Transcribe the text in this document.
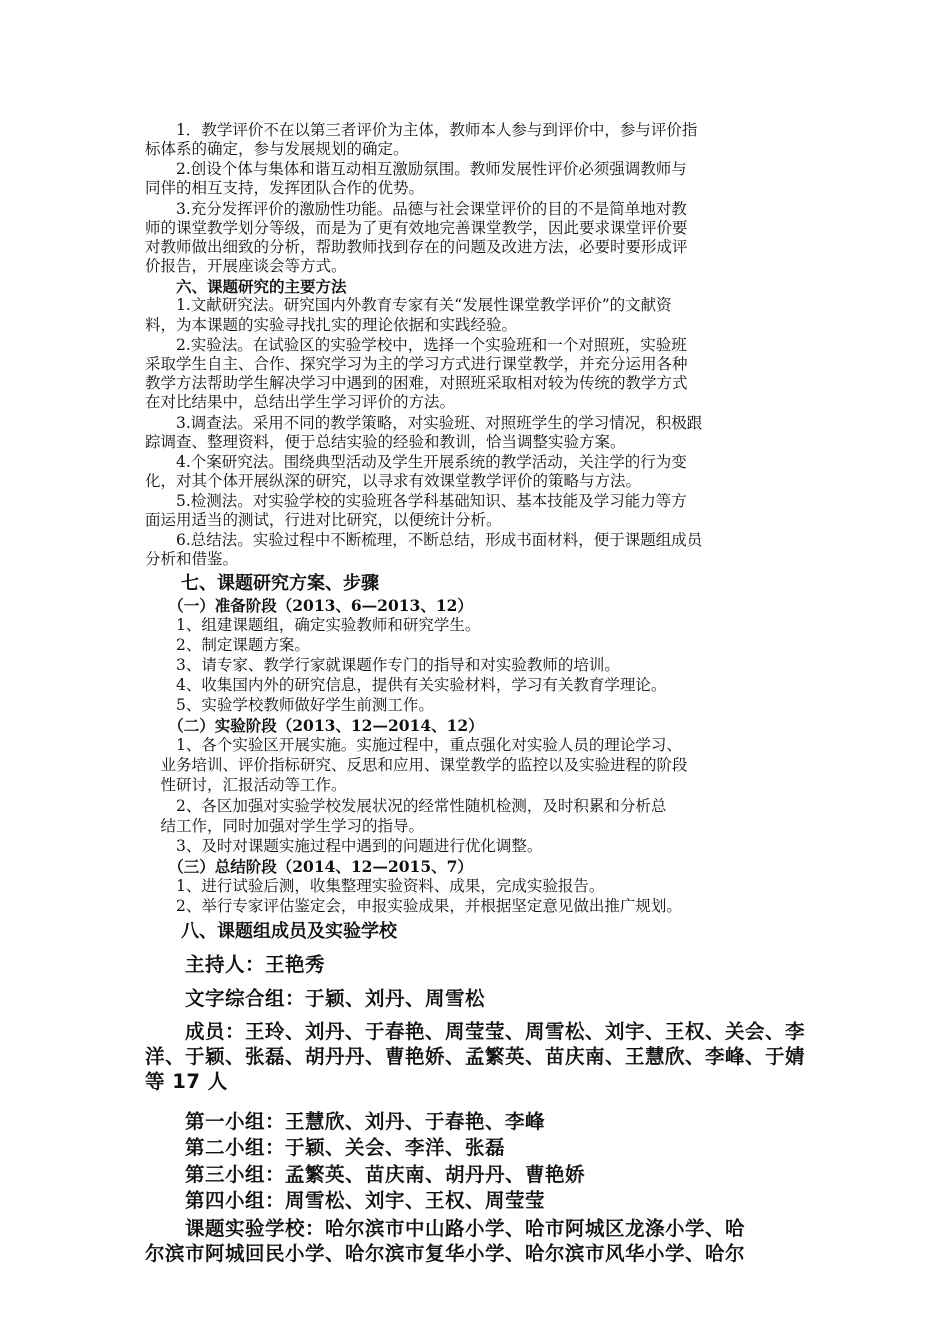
　　1．教学评价不在以第三者评价为主体，教师本人参与到评价中，参与评价指
标体系的确定，参与发展规划的确定。
　　2.创设个体与集体和谐互动相互激励氛围。教师发展性评价必须强调教师与
同伴的相互支持，发挥团队合作的优势。
　　3.充分发挥评价的激励性功能。品德与社会课堂评价的目的不是简单地对教
师的课堂教学划分等级，而是为了更有效地完善课堂教学，因此要求课堂评价要
对教师做出细致的分析，帮助教师找到存在的问题及改进方法，必要时要形成评
价报告，开展座谈会等方式。
　　六、课题研究的主要方法
　　1.文献研究法。研究国内外教育专家有关“发展性课堂教学评价”的文献资
料，为本课题的实验寻找扎实的理论依据和实践经验。
　　2.实验法。在试验区的实验学校中，选择一个实验班和一个对照班，实验班
采取学生自主、合作、探究学习为主的学习方式进行课堂教学，并充分运用各种
教学方法帮助学生解决学习中遇到的困难，对照班采取相对较为传统的教学方式
在对比结果中，总结出学生学习评价的方法。
　　3.调查法。采用不同的教学策略，对实验班、对照班学生的学习情况，积极跟
踪调查、整理资料，便于总结实验的经验和教训，恰当调整实验方案。
　　4.个案研究法。围绕典型活动及学生开展系统的教学活动，关注学的行为变
化，对其个体开展纵深的研究，以寻求有效课堂教学评价的策略与方法。
　　5.检测法。对实验学校的实验班各学科基础知识、基本技能及学习能力等方
面运用适当的测试，行进对比研究，以便统计分析。
　　6.总结法。实验过程中不断梳理，不断总结，形成书面材料，便于课题组成员
分析和借鉴。
　　七、课题研究方案、步骤
　　（一）准备阶段（2013、6—2013、12）
　　1、组建课题组，确定实验教师和研究学生。
　　2、制定课题方案。
　　3、请专家、教学行家就课题作专门的指导和对实验教师的培训。
　　4、收集国内外的研究信息，提供有关实验材料，学习有关教育学理论。
　　5、实验学校教师做好学生前测工作。
　　（二）实验阶段（2013、12—2014、12）
　　1、各个实验区开展实施。实施过程中，重点强化对实验人员的理论学习、
　业务培训、评价指标研究、反思和应用、课堂教学的监控以及实验进程的阶段
　性研讨，汇报活动等工作。
　　2、各区加强对实验学校发展状况的经常性随机检测，及时积累和分析总
　结工作，同时加强对学生学习的指导。
　　3、及时对课题实施过程中遇到的问题进行优化调整。
　　（三）总结阶段（2014、12—2015、7）
　　1、进行试验后测，收集整理实验资料、成果，完成实验报告。
　　2、举行专家评估鉴定会，申报实验成果，并根据坚定意见做出推广规划。
　　八、课题组成员及实验学校
　　主持人：王艳秀
　　文字综合组：于颖、刘丹、周雪松
　　成员：王玲、刘丹、于春艳、周莹莹、周雪松、刘宇、王权、关会、李
洋、于颖、张磊、胡丹丹、曹艳娇、孟繁英、苗庆南、王慧欣、李峰、于婧
等 17 人
　　第一小组：王慧欣、刘丹、于春艳、李峰
　　第二小组：于颖、关会、李洋、张磊
　　第三小组：孟繁英、苗庆南、胡丹丹、曹艳娇
　　第四小组：周雪松、刘宇、王权、周莹莹
　　课题实验学校：哈尔滨市中山路小学、哈市阿城区龙涤小学、哈
尔滨市阿城回民小学、哈尔滨市复华小学、哈尔滨市风华小学、哈尔
